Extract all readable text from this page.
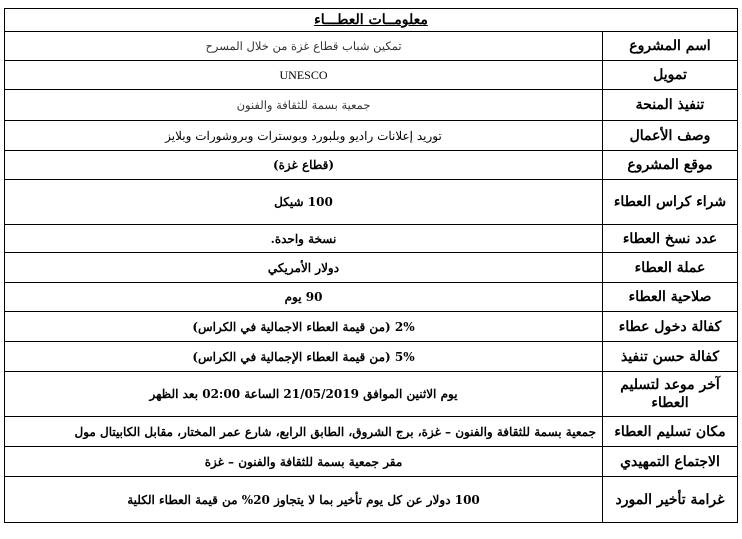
معلومــات العطـــاء	
اسم المشروع	تمكين شباب قطاع غزة من خلال المسرح
تمويل	UNESCO
تنفيذ المنحة	جمعية بسمة للثقافة والفنون
وصف الأعمال	توريد إعلانات راديو وبلبورد وبوسترات وبروشورات وبلايز
موقع المشروع	(قطاع غزة)
شراء كراس العطاء	100 شيكل
عدد نسخ العطاء	نسخة واحدة.
عملة العطاء	دولار الأمريكي
صلاحية العطاء	90 يوم
كفالة دخول عطاء	2% (من قيمة العطاء الاجمالية في الكراس)
كفالة حسن تنفيذ	5% (من قيمة العطاء الإجمالية في الكراس)
آخر موعد لتسليم العطاء	يوم الاثنين الموافق 21/05/2019 الساعة 02:00 بعد الظهر
مكان تسليم العطاء	جمعية بسمة للثقافة والفنون – غزة، برج الشروق، الطابق الرابع، شارع عمر المختار، مقابل الكابيتال مول
الاجتماع التمهيدي	مقر جمعية بسمة للثقافة والفنون – غزة
غرامة تأخير المورد	100 دولار عن كل يوم تأخير بما لا يتجاوز 20% من قيمة العطاء الكلية
